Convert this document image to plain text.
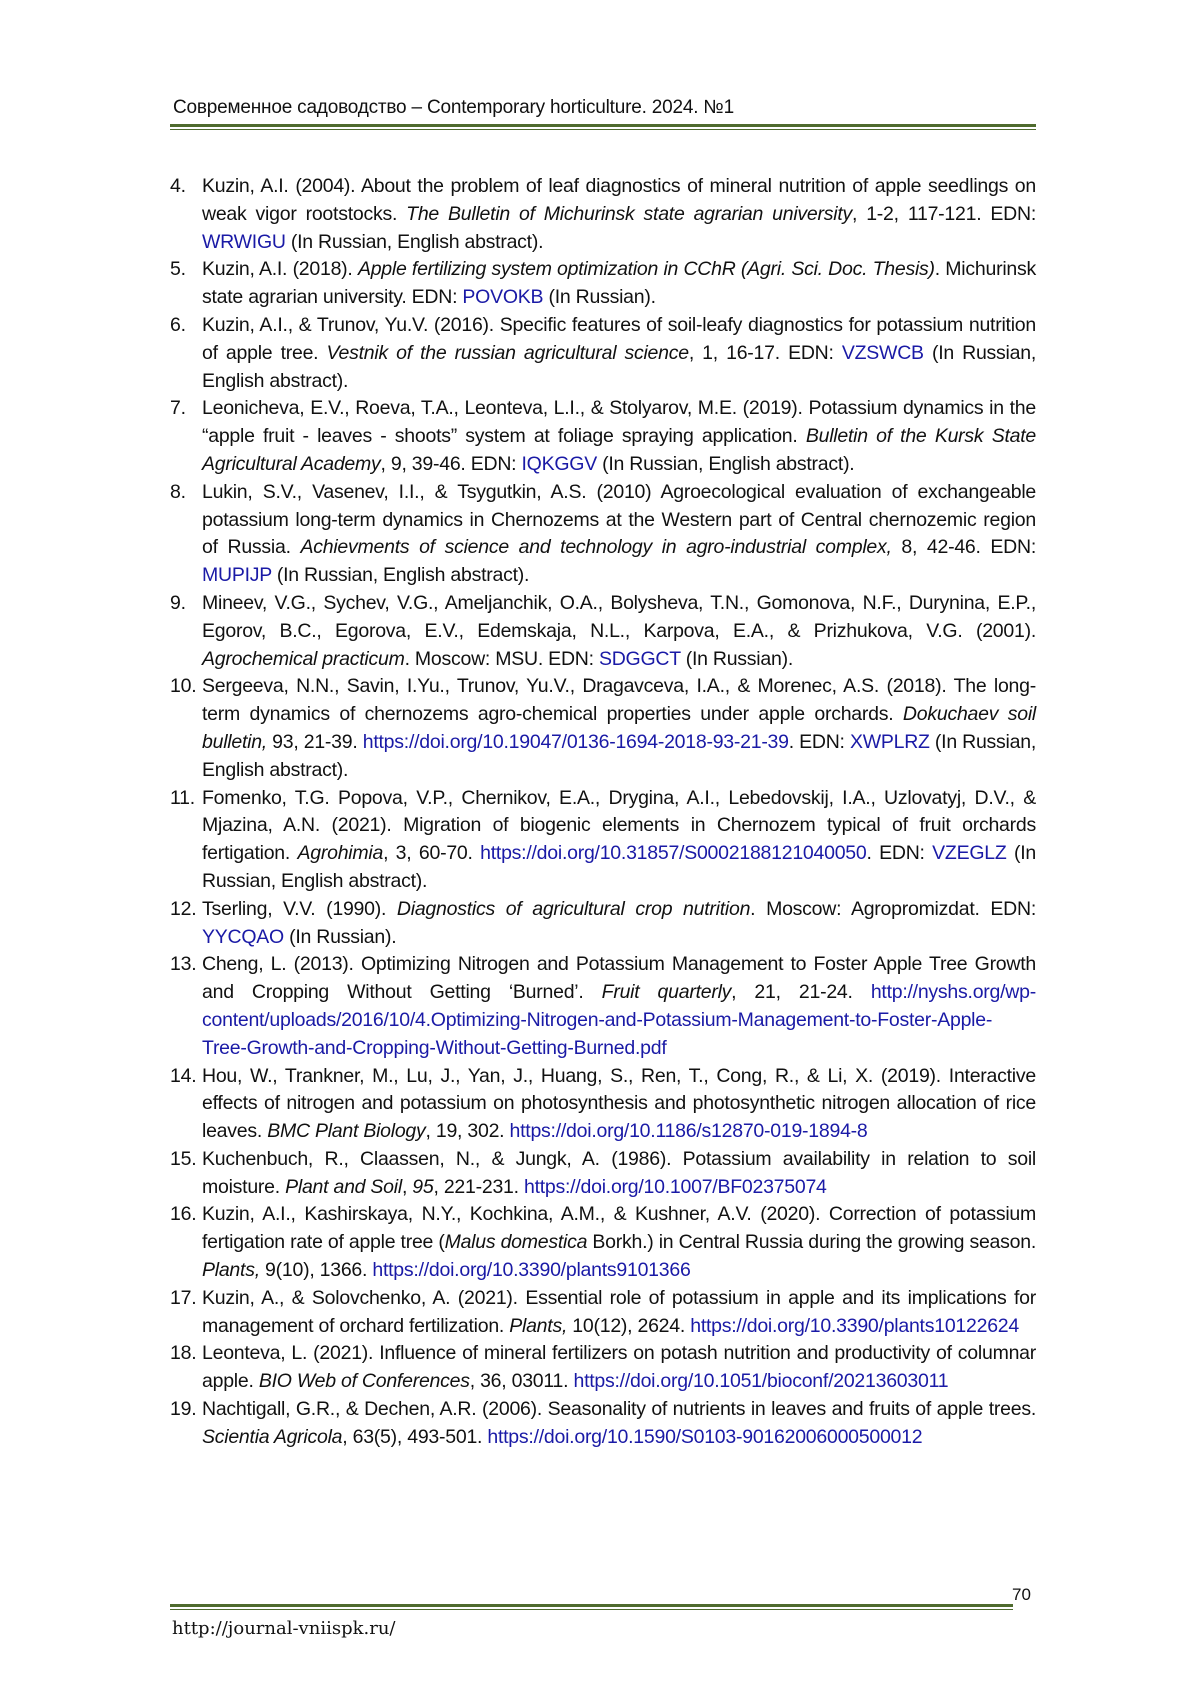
Современное садоводство – Contemporary horticulture. 2024. №1
4. Kuzin, A.I. (2004). About the problem of leaf diagnostics of mineral nutrition of apple seedlings on weak vigor rootstocks. The Bulletin of Michurinsk state agrarian university, 1-2, 117-121. EDN: WRWIGU (In Russian, English abstract).
5. Kuzin, A.I. (2018). Apple fertilizing system optimization in CChR (Agri. Sci. Doc. Thesis). Michurinsk state agrarian university. EDN: POVOKB (In Russian).
6. Kuzin, A.I., & Trunov, Yu.V. (2016). Specific features of soil-leafy diagnostics for potassium nutrition of apple tree. Vestnik of the russian agricultural science, 1, 16-17. EDN: VZSWCB (In Russian, English abstract).
7. Leonicheva, E.V., Roeva, T.A., Leonteva, L.I., & Stolyarov, M.E. (2019). Potassium dynamics in the “apple fruit - leaves - shoots” system at foliage spraying application. Bulletin of the Kursk State Agricultural Academy, 9, 39-46. EDN: IQKGGV (In Russian, English abstract).
8. Lukin, S.V., Vasenev, I.I., & Tsygutkin, A.S. (2010) Agroecological evaluation of exchangeable potassium long-term dynamics in Chernozems at the Western part of Central chernozemic region of Russia. Achievments of science and technology in agro-industrial complex, 8, 42-46. EDN: MUPIJP (In Russian, English abstract).
9. Mineev, V.G., Sychev, V.G., Ameljanchik, O.A., Bolysheva, T.N., Gomonova, N.F., Durynina, E.P., Egorov, B.C., Egorova, E.V., Edemskaja, N.L., Karpova, E.A., & Prizhukova, V.G. (2001). Agrochemical practicum. Moscow: MSU. EDN: SDGGCT (In Russian).
10. Sergeeva, N.N., Savin, I.Yu., Trunov, Yu.V., Dragavceva, I.A., & Morenec, A.S. (2018). The long-term dynamics of chernozems agro-chemical properties under apple orchards. Dokuchaev soil bulletin, 93, 21-39. https://doi.org/10.19047/0136-1694-2018-93-21-39. EDN: XWPLRZ (In Russian, English abstract).
11. Fomenko, T.G. Popova, V.P., Chernikov, E.A., Drygina, A.I., Lebedovskij, I.A., Uzlovatyj, D.V., & Mjazina, A.N. (2021). Migration of biogenic elements in Chernozem typical of fruit orchards fertigation. Agrohimia, 3, 60-70. https://doi.org/10.31857/S0002188121040050. EDN: VZEGLZ (In Russian, English abstract).
12. Tserling, V.V. (1990). Diagnostics of agricultural crop nutrition. Moscow: Agropromizdat. EDN: YYCQAO (In Russian).
13. Cheng, L. (2013). Optimizing Nitrogen and Potassium Management to Foster Apple Tree Growth and Cropping Without Getting ‘Burned’. Fruit quarterly, 21, 21-24. http://nyshs.org/wp-content/uploads/2016/10/4.Optimizing-Nitrogen-and-Potassium-Management-to-Foster-Apple-Tree-Growth-and-Cropping-Without-Getting-Burned.pdf
14. Hou, W., Trankner, M., Lu, J., Yan, J., Huang, S., Ren, T., Cong, R., & Li, X. (2019). Interactive effects of nitrogen and potassium on photosynthesis and photosynthetic nitrogen allocation of rice leaves. BMC Plant Biology, 19, 302. https://doi.org/10.1186/s12870-019-1894-8
15. Kuchenbuch, R., Claassen, N., & Jungk, A. (1986). Potassium availability in relation to soil moisture. Plant and Soil, 95, 221-231. https://doi.org/10.1007/BF02375074
16. Kuzin, A.I., Kashirskaya, N.Y., Kochkina, A.M., & Kushner, A.V. (2020). Correction of potassium fertigation rate of apple tree (Malus domestica Borkh.) in Central Russia during the growing season. Plants, 9(10), 1366. https://doi.org/10.3390/plants9101366
17. Kuzin, A., & Solovchenko, A. (2021). Essential role of potassium in apple and its implications for management of orchard fertilization. Plants, 10(12), 2624. https://doi.org/10.3390/plants10122624
18. Leonteva, L. (2021). Influence of mineral fertilizers on potash nutrition and productivity of columnar apple. BIO Web of Conferences, 36, 03011. https://doi.org/10.1051/bioconf/20213603011
19. Nachtigall, G.R., & Dechen, A.R. (2006). Seasonality of nutrients in leaves and fruits of apple trees. Scientia Agricola, 63(5), 493-501. https://doi.org/10.1590/S0103-90162006000500012
70
http://journal-vniispk.ru/
